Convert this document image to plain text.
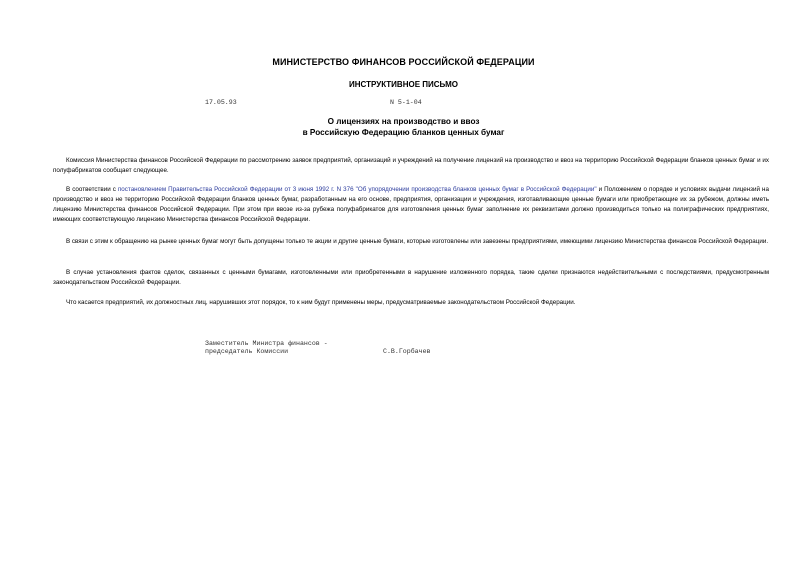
МИНИСТЕРСТВО ФИНАНСОВ РОССИЙСКОЙ ФЕДЕРАЦИИ
ИНСТРУКТИВНОЕ ПИСЬМО
17.05.93	N 5-1-04
О лицензиях на производство и ввоз
в Российскую Федерацию бланков ценных бумаг
Комиссия Министерства финансов Российской Федерации по рассмотрению заявок предприятий, организаций и учреждений на получение лицензий на производство и ввоз на территорию Российской Федерации бланков ценных бумаг и их полуфабрикатов сообщает следующее.
В соответствии с постановлением Правительства Российской Федерации от 3 июня 1992 г. N 376 "Об упорядочении производства бланков ценных бумаг в Российской Федерации" и Положением о порядке и условиях выдачи лицензий на производство и ввоз не территорию Российской Федерации бланков ценных бумаг, разработанным на его основе, предприятия, организации и учреждения, изготавливающие ценные бумаги или приобретающие их за рубежом, должны иметь лицензию Министерства финансов Российской Федерации. При этом при ввозе из-за рубежа полуфабрикатов для изготовления ценных бумаг заполнение их реквизитами должно производиться только на полиграфических предприятиях, имеющих соответствующую лицензию Министерства финансов Российской Федерации.
В связи с этим к обращению на рынке ценных бумаг могут быть допущены только те акции и другие ценные бумаги, которые изготовлены или завезены предприятиями, имеющими лицензию Министерства финансов Российской Федерации.
В случае установления фактов сделок, связанных с ценными бумагами, изготовленными или приобретенными в нарушение изложенного порядка, такие сделки признаются недействительными с последствиями, предусмотренным законодательством Российской Федерации.
Что касается предприятий, их должностных лиц, нарушивших этот порядок, то к ним будут применены меры, предусматриваемые законодательством Российской Федерации.
Заместитель Министра финансов -
председатель Комиссии	С.В.Горбачев
